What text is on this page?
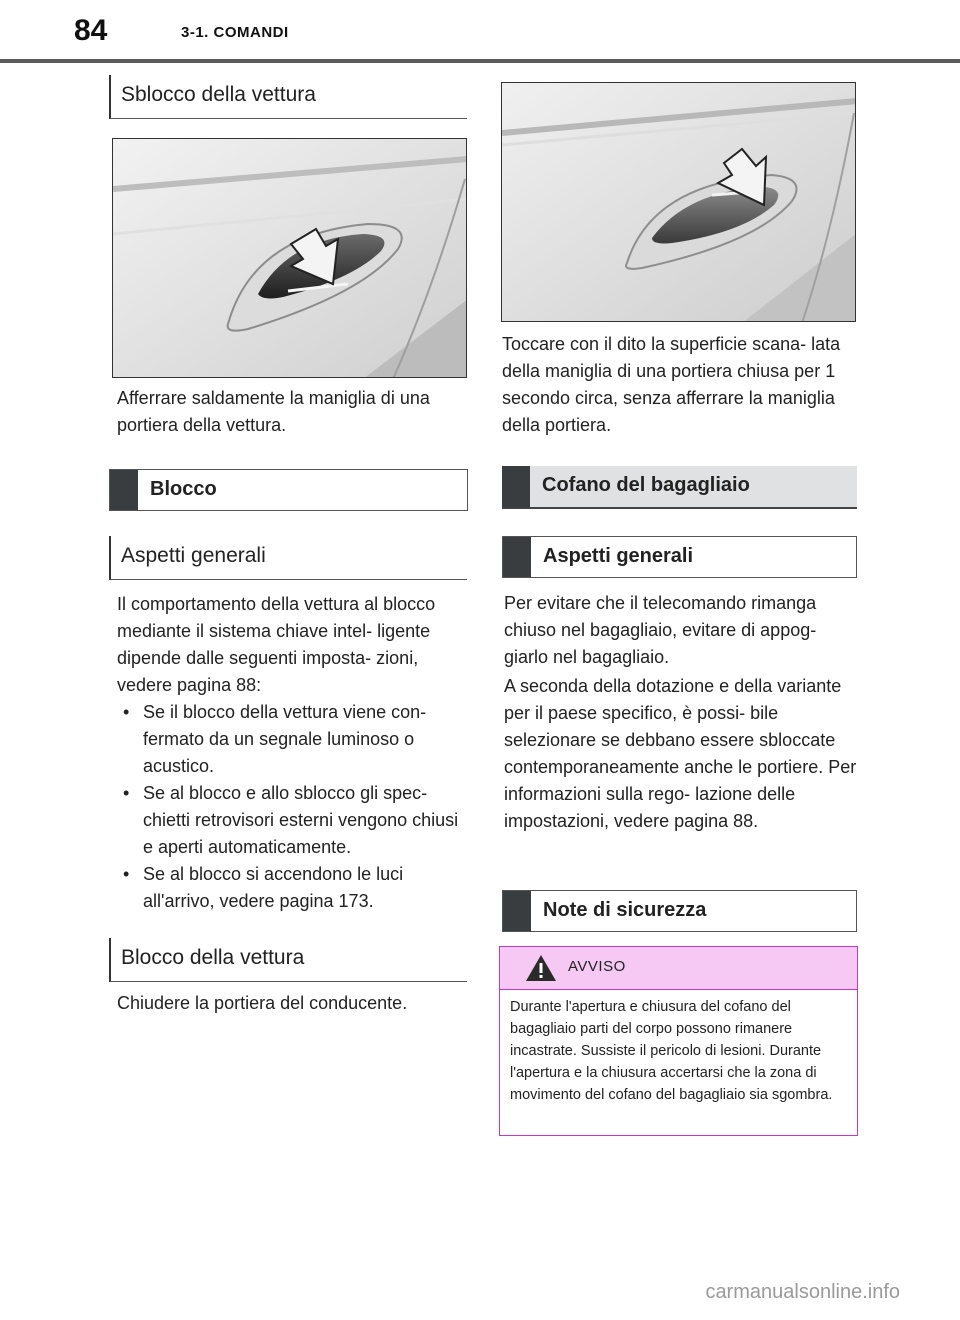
84	3-1. COMANDI
Sblocco della vettura

Afferrare saldamente la maniglia di una portiera della vettura.

Blocco
Aspetti generali

Il comportamento della vettura al blocco mediante il sistema chiave intel- ligente dipende dalle seguenti imposta- zioni, vedere pagina 88:

• Se il blocco della vettura viene con- fermato da un segnale luminoso o acustico.
• Se al blocco e allo sblocco gli spec- chietti retrovisori esterni vengono chiusi e aperti automaticamente.
• Se al blocco si accendono le luci all'arrivo, vedere pagina 173.
Blocco della vettura

Chiudere la portiera del conducente.

Toccare con il dito la superficie scana- lata della maniglia di una portiera chiusa per 1 secondo circa, senza afferrare la maniglia della portiera.

Cofano del bagagliaio
Aspetti generali

Per evitare che il telecomando rimanga chiuso nel bagagliaio, evitare di appog- giarlo nel bagagliaio.

A seconda della dotazione e della variante per il paese specifico, è possi- bile selezionare se debbano essere sbloccate contemporaneamente anche le portiere. Per informazioni sulla rego- lazione delle impostazioni, vedere pagina 88.

Note di sicurezza
AVVISO
Durante l'apertura e chiusura del cofano del bagagliaio parti del corpo possono rimanere incastrate. Sussiste il pericolo di lesioni. Durante l'apertura e la chiusura accertarsi che la zona di movimento del cofano del bagagliaio sia sgombra.
carmanualsonline.info
